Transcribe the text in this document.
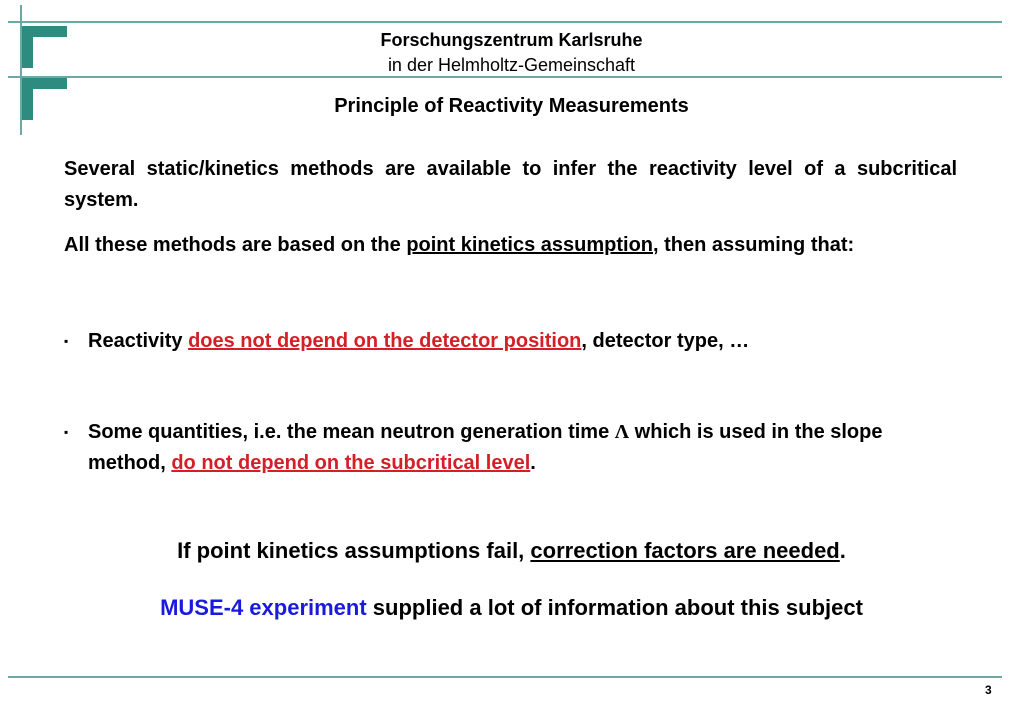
Forschungszentrum Karlsruhe
in der Helmholtz-Gemeinschaft
Principle of Reactivity Measurements
Several static/kinetics methods are available to infer the reactivity level of a subcritical system.
All these methods are based on the point kinetics assumption, then assuming that:
▪ Reactivity does not depend on the detector position, detector type, …
▪ Some quantities, i.e. the mean neutron generation time Λ which is used in the slope method, do not depend on the subcritical level.
If point kinetics assumptions fail, correction factors are needed.
MUSE-4 experiment supplied a lot of information about this subject
3
